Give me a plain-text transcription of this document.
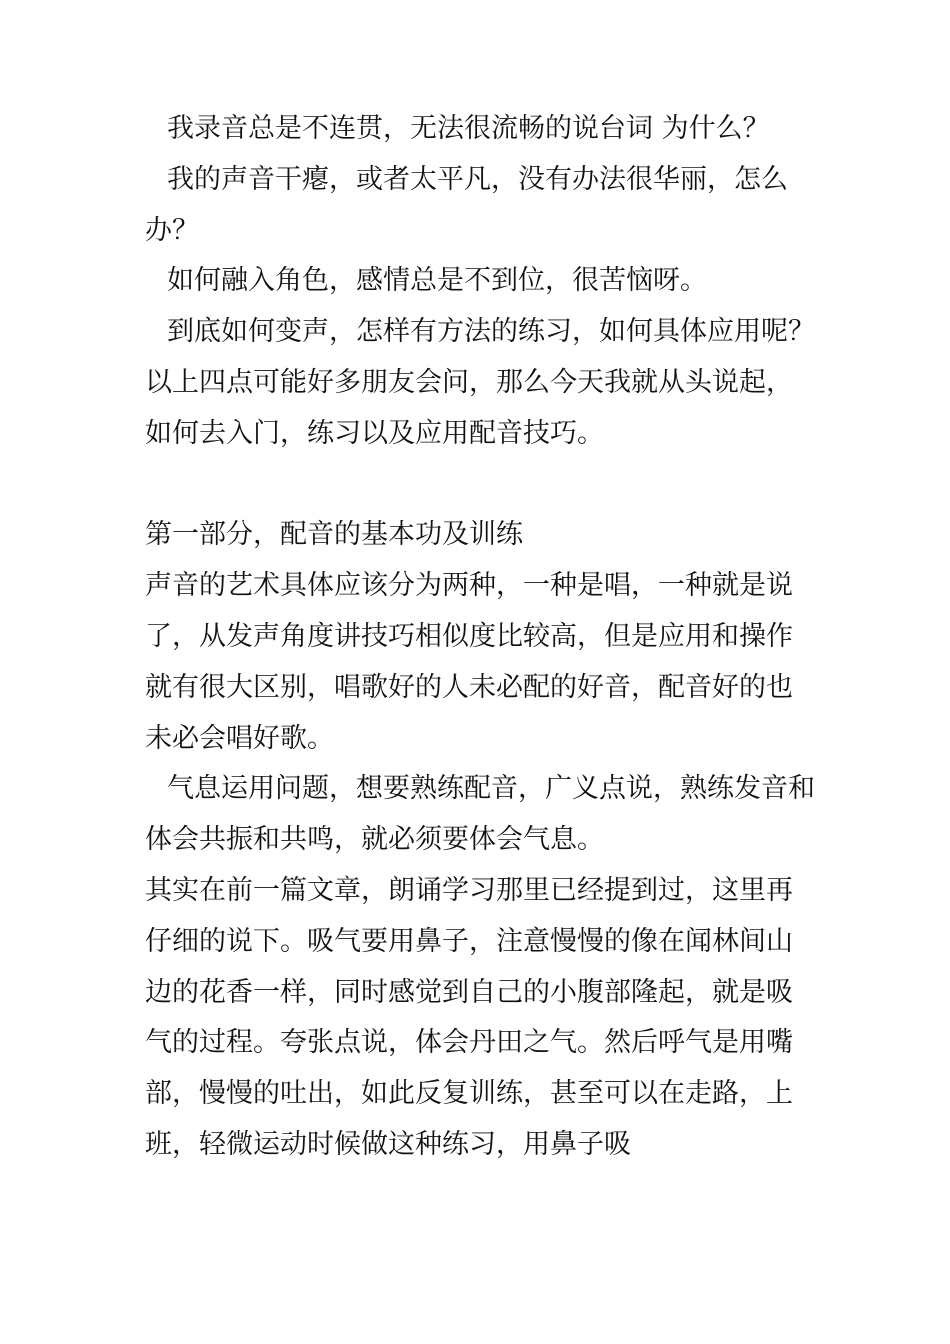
我录音总是不连贯，无法很流畅的说台词 为什么？

我的声音干瘪，或者太平凡，没有办法很华丽，怎么办？

如何融入角色，感情总是不到位，很苦恼呀。

到底如何变声，怎样有方法的练习，如何具体应用呢？

以上四点可能好多朋友会问，那么今天我就从头说起，如何去入门，练习以及应用配音技巧。

第一部分，配音的基本功及训练

声音的艺术具体应该分为两种，一种是唱，一种就是说了，从发声角度讲技巧相似度比较高，但是应用和操作就有很大区别，唱歌好的人未必配的好音，配音好的也未必会唱好歌。

气息运用问题，想要熟练配音，广义点说，熟练发音和体会共振和共鸣，就必须要体会气息。

其实在前一篇文章，朗诵学习那里已经提到过，这里再仔细的说下。吸气要用鼻子，注意慢慢的像在闻林间山边的花香一样，同时感觉到自己的小腹部隆起，就是吸气的过程。夸张点说，体会丹田之气。然后呼气是用嘴部，慢慢的吐出，如此反复训练，甚至可以在走路，上班，轻微运动时候做这种练习，用鼻子吸
